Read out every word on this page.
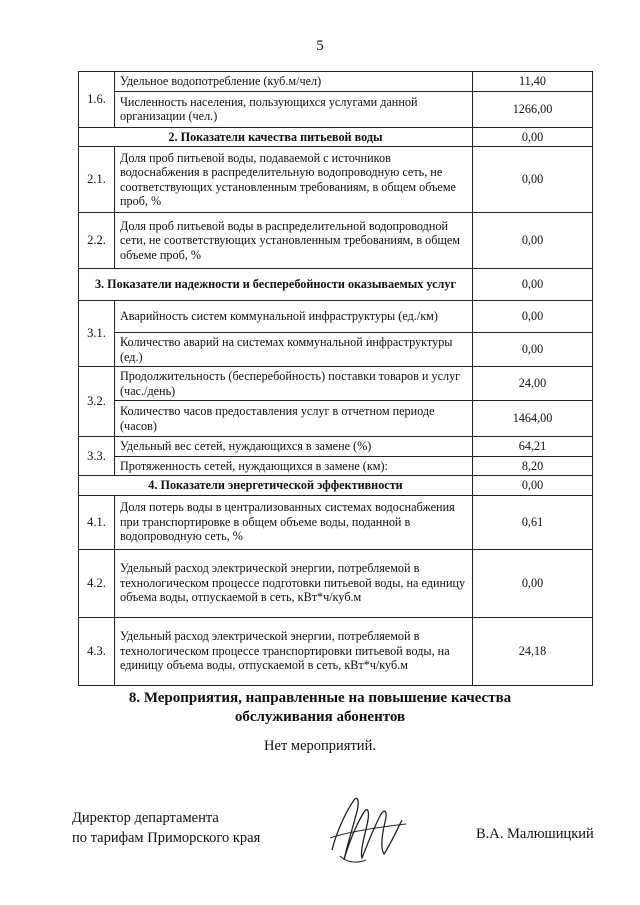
5
1.6.	Удельное водопотребление (куб.м/чел)	11,40
	Численность населения, пользующихся услугами данной организации (чел.)	1266,00
2. Показатели качества питьевой воды		0,00
2.1.	Доля проб питьевой воды, подаваемой с источников водоснабжения в распределительную водопроводную сеть, не соответствующих установленным требованиям, в общем объеме проб, %	0,00
2.2.	Доля проб питьевой воды в распределительной водопроводной сети, не соответствующих установленным требованиям, в общем объеме проб, %	0,00
3. Показатели надежности и бесперебойности оказываемых услуг		0,00
3.1.	Аварийность систем коммунальной инфраструктуры (ед./км)	0,00
	Количество аварий на системах коммунальной инфраструктуры (ед.)	0,00
3.2.	Продолжительность (бесперебойность) поставки товаров и услуг (час./день)	24,00
	Количество часов предоставления услуг в отчетном периоде (часов)	1464,00
3.3.	Удельный вес сетей, нуждающихся в замене (%)	64,21
	Протяженность сетей, нуждающихся в замене (км):	8,20
4. Показатели энергетической эффективности		0,00
4.1.	Доля потерь воды в централизованных системах водоснабжения при транспортировке в общем объеме воды, поданной в водопроводную сеть, %	0,61
4.2.	Удельный расход электрической энергии, потребляемой в технологическом процессе подготовки питьевой воды, на единицу объема воды, отпускаемой в сеть, кВт*ч/куб.м	0,00
4.3.	Удельный расход электрической энергии, потребляемой в технологическом процессе транспортировки питьевой воды, на единицу объема воды, отпускаемой в сеть, кВт*ч/куб.м	24,18
8. Мероприятия, направленные на повышение качества
обслуживания абонентов
Нет мероприятий.
Директор департамента
по тарифам Приморского края	В.А. Малюшицкий
